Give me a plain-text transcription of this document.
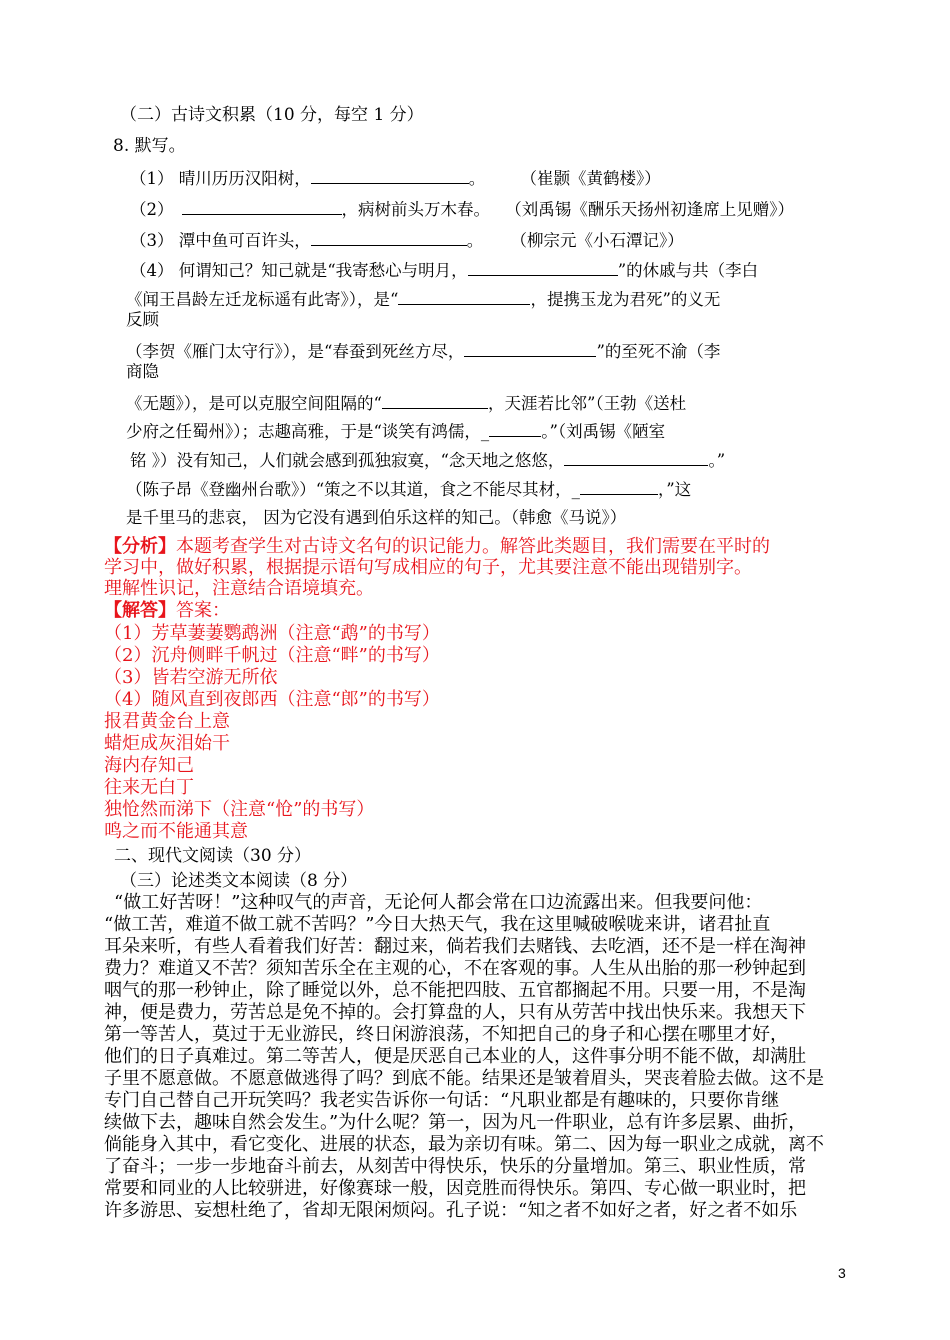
（二）古诗文积累（10 分，每空 1 分）
8. 默写。
（1） 晴川历历汉阳树，	。 （崔颢《黄鹤楼》）
（2）	，病树前头万木春。 （刘禹锡《酬乐天扬州初逢席上见赠》）
（3） 潭中鱼可百许头，	。 （柳宗元《小石潭记》）
（4） 何谓知己？知己就是“我寄愁心与明月，	”的休戚与共（李白
《闻王昌龄左迁龙标遥有此寄》），是“	，提携玉龙为君死”的义无
反顾
（李贺《雁门太守行》），是“春蚕到死丝方尽，	”的至死不渝（李
商隐
《无题》），是可以克服空间阻隔的“	，天涯若比邻”（王勃《送杜
少府之任蜀州》）；志趣高雅，于是“谈笑有鸿儒，_	。”（刘禹锡《陋室
铭 》）没有知己，人们就会感到孤独寂寞，“念天地之悠悠，	。”
（陈子昂《登幽州台歌》）“策之不以其道，食之不能尽其材，_	，”这
是千里马的悲哀， 因为它没有遇到伯乐这样的知己。（韩愈《马说》）
【分析】本题考查学生对古诗文名句的识记能力。解答此类题目，我们需要在平时的
学习中，做好积累，根据提示语句写成相应的句子，尤其要注意不能出现错别字。
理解性识记，注意结合语境填充。
【解答】答案：
（1）芳草萋萋鹦鹉洲（注意“鹉”的书写）
（2）沉舟侧畔千帆过（注意“畔”的书写）
（3）皆若空游无所依
（4）随风直到夜郎西（注意“郎”的书写）
报君黄金台上意
蜡炬成灰泪始干
海内存知己
往来无白丁
独怆然而涕下（注意“怆”的书写）
鸣之而不能通其意
二、现代文阅读（30 分）
（三）论述类文本阅读（8 分）
“做工好苦呀！”这种叹气的声音，无论何人都会常在口边流露出来。但我要问他：
“做工苦，难道不做工就不苦吗？”今日大热天气，我在这里喊破喉咙来讲，诸君扯直
耳朵来听，有些人看着我们好苦：翻过来，倘若我们去赌钱、去吃酒，还不是一样在淘神
费力？难道又不苦？须知苦乐全在主观的心，不在客观的事。人生从出胎的那一秒钟起到
咽气的那一秒钟止，除了睡觉以外，总不能把四肢、五官都搁起不用。只要一用，不是淘
神，便是费力，劳苦总是免不掉的。会打算盘的人，只有从劳苦中找出快乐来。我想天下
第一等苦人，莫过于无业游民，终日闲游浪荡，不知把自己的身子和心摆在哪里才好，
他们的日子真难过。第二等苦人，便是厌恶自己本业的人，这件事分明不能不做，却满肚
子里不愿意做。不愿意做逃得了吗？到底不能。结果还是皱着眉头，哭丧着脸去做。这不是
专门自己替自己开玩笑吗？我老实告诉你一句话：“凡职业都是有趣味的，只要你肯继
续做下去，趣味自然会发生。”为什么呢？第一，因为凡一件职业，总有许多层累、曲折，
倘能身入其中，看它变化、进展的状态，最为亲切有味。第二、因为每一职业之成就，离不
了奋斗；一步一步地奋斗前去，从刻苦中得快乐，快乐的分量增加。第三、职业性质，常
常要和同业的人比较骈进，好像赛球一般，因竞胜而得快乐。第四、专心做一职业时，把
许多游思、妄想杜绝了，省却无限闲烦闷。孔子说：“知之者不如好之者，好之者不如乐
3
